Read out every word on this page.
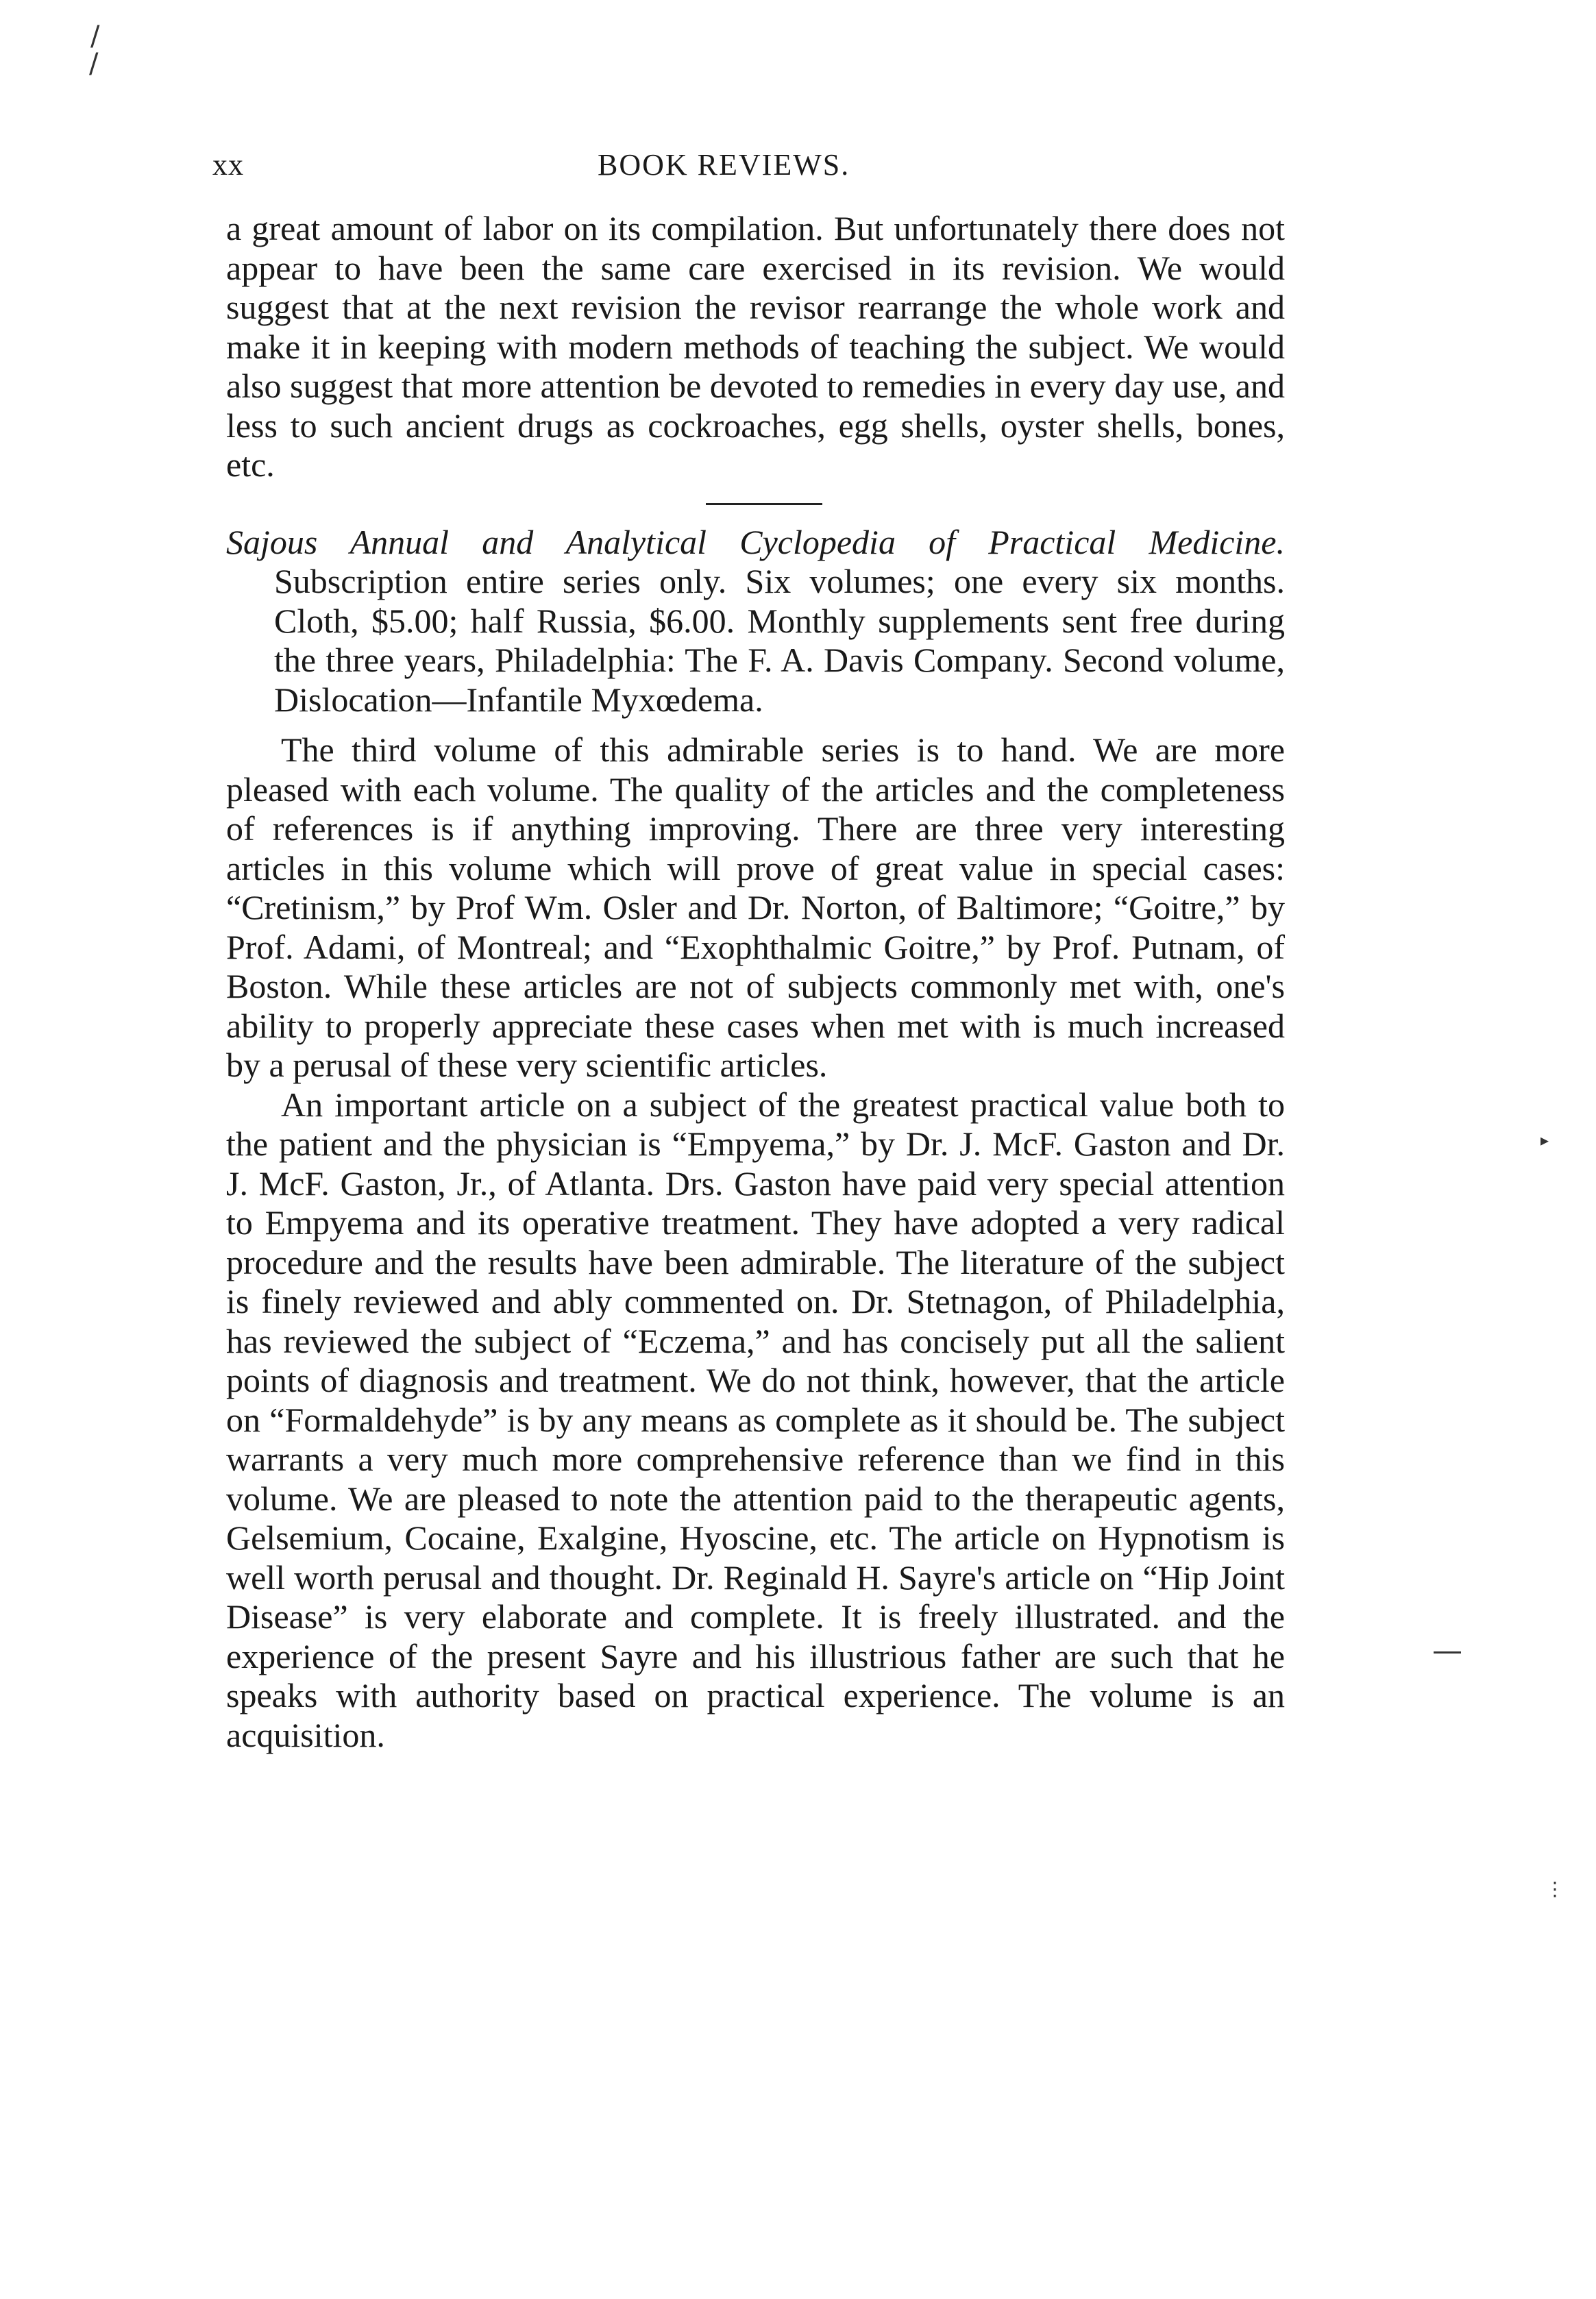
xx	BOOK REVIEWS.

a great amount of labor on its compilation. But unfortunately there does not appear to have been the same care exercised in its revision. We would suggest that at the next revision the revisor rearrange the whole work and make it in keeping with modern methods of teaching the subject. We would also suggest that more attention be devoted to remedies in every day use, and less to such ancient drugs as cockroaches, egg shells, oyster shells, bones, etc.

Sajous Annual and Analytical Cyclopedia of Practical Medicine. Subscription entire series only. Six volumes; one every six months. Cloth, $5.00; half Russia, $6.00. Monthly supplements sent free during the three years, Philadelphia: The F. A. Davis Company. Second volume, Dislocation—Infantile Myxœdema.

The third volume of this admirable series is to hand. We are more pleased with each volume. The quality of the articles and the completeness of references is if anything improving. There are three very interesting articles in this volume which will prove of great value in special cases: “Cretinism,” by Prof Wm. Osler and Dr. Norton, of Baltimore; “Goitre,” by Prof. Adami, of Montreal; and “Exophthalmic Goitre,” by Prof. Putnam, of Boston. While these articles are not of subjects commonly met with, one's ability to properly appreciate these cases when met with is much increased by a perusal of these very scientific articles.

An important article on a subject of the greatest practical value both to the patient and the physician is “Empyema,” by Dr. J. McF. Gaston and Dr. J. McF. Gaston, Jr., of Atlanta. Drs. Gaston have paid very special attention to Empyema and its operative treatment. They have adopted a very radical procedure and the results have been admirable. The literature of the subject is finely reviewed and ably commented on. Dr. Stetnagon, of Philadelphia, has reviewed the subject of “Eczema,” and has concisely put all the salient points of diagnosis and treatment. We do not think, however, that the article on “Formaldehyde” is by any means as complete as it should be. The subject warrants a very much more comprehensive reference than we find in this volume. We are pleased to note the attention paid to the therapeutic agents, Gelsemium, Cocaine, Exalgine, Hyoscine, etc. The article on Hypnotism is well worth perusal and thought. Dr. Reginald H. Sayre's article on “Hip Joint Disease” is very elaborate and complete. It is freely illustrated. and the experience of the present Sayre and his illustrious father are such that he speaks with authority based on practical experience. The volume is an acquisition.

/
/
▸
⋮
